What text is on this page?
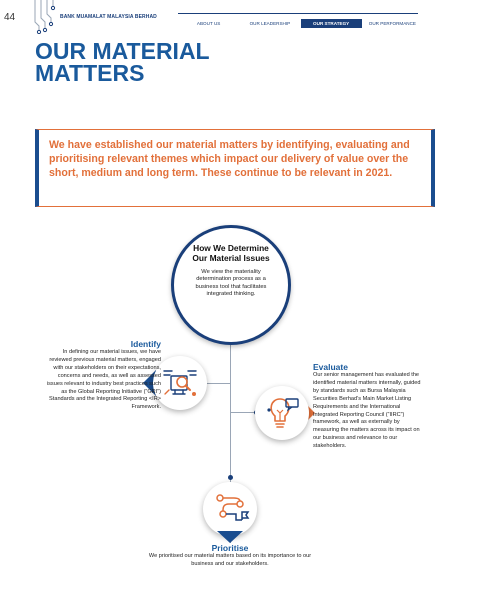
44	BANK MUAMALAT MALAYSIA BERHAD
ABOUT US	OUR LEADERSHIP	OUR STRATEGY	OUR PERFORMANCE
OUR MATERIAL
MATTERS

We have established our material matters by identifying, evaluating and prioritising relevant themes which impact our delivery of value over the short, medium and long term. These continue to be relevant in 2021.

How We Determine Our Material Issues

We view the materiality determination process as a business tool that facilitates integrated thinking.

Identify

In defining our material issues, we have reviewed previous material matters, engaged with our stakeholders on their expectations, concerns and needs, as well as assessed issues relevant to industry best practices such as the Global Reporting Initiative (“GRI”) Standards and the Integrated Reporting <IR> Framework.

Evaluate

Our senior management has evaluated the identified material matters internally, guided by standards such as Bursa Malaysia Securities Berhad’s Main Market Listing Requirements and the International Integrated Reporting Council (“IIRC”) framework, as well as externally by measuring the matters across its impact on our business and relevance to our stakeholders.

Prioritise

We prioritised our material matters based on its importance to our business and our stakeholders.
